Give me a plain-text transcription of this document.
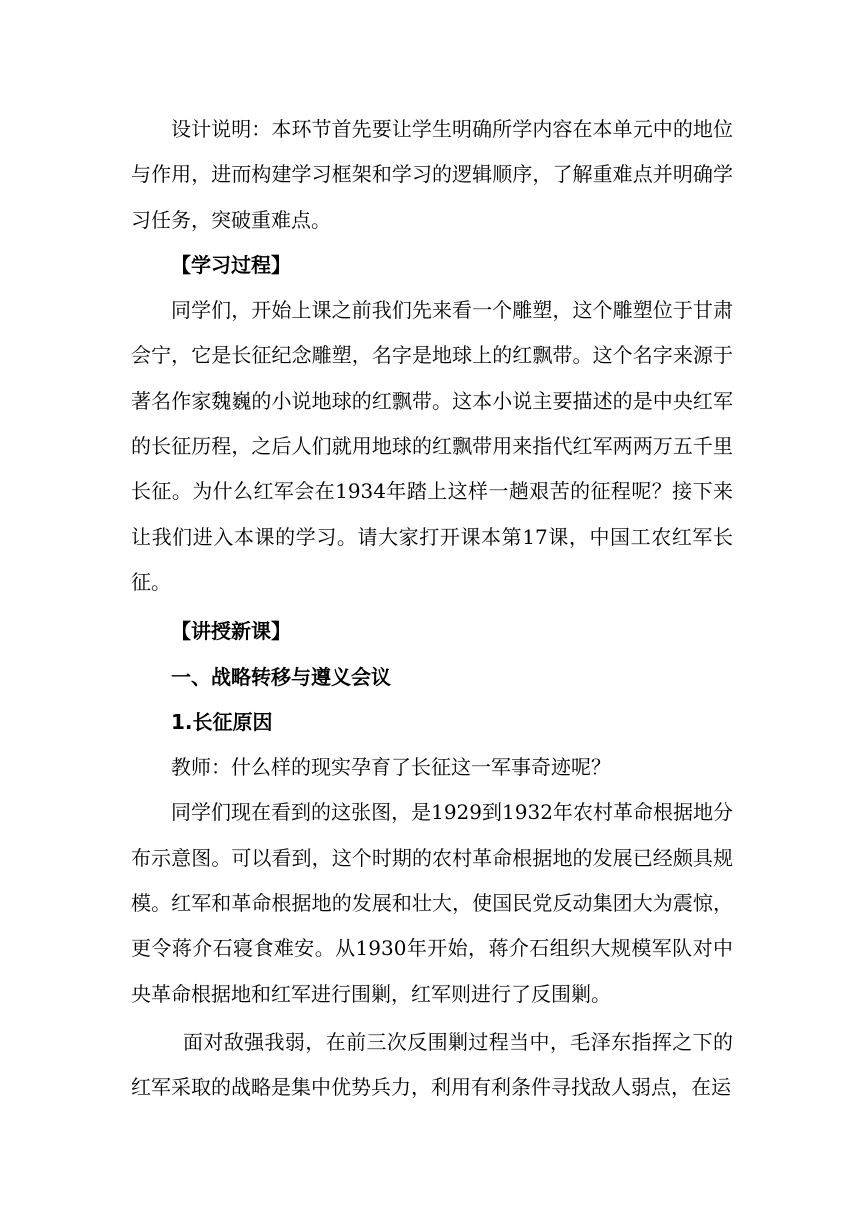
设计说明：本环节首先要让学生明确所学内容在本单元中的地位与作用，进而构建学习框架和学习的逻辑顺序，了解重难点并明确学习任务，突破重难点。

【学习过程】

同学们，开始上课之前我们先来看一个雕塑，这个雕塑位于甘肃会宁，它是长征纪念雕塑，名字是地球上的红飘带。这个名字来源于著名作家魏巍的小说地球的红飘带。这本小说主要描述的是中央红军的长征历程，之后人们就用地球的红飘带用来指代红军两两万五千里长征。为什么红军会在1934年踏上这样一趟艰苦的征程呢？接下来让我们进入本课的学习。请大家打开课本第17课，中国工农红军长征。

【讲授新课】

一、战略转移与遵义会议

1.长征原因

教师：什么样的现实孕育了长征这一军事奇迹呢？

同学们现在看到的这张图，是1929到1932年农村革命根据地分布示意图。可以看到，这个时期的农村革命根据地的发展已经颇具规模。红军和革命根据地的发展和壮大，使国民党反动集团大为震惊，更令蒋介石寝食难安。从1930年开始，蒋介石组织大规模军队对中央革命根据地和红军进行围剿，红军则进行了反围剿。

面对敌强我弱，在前三次反围剿过程当中，毛泽东指挥之下的红军采取的战略是集中优势兵力，利用有利条件寻找敌人弱点，在运
